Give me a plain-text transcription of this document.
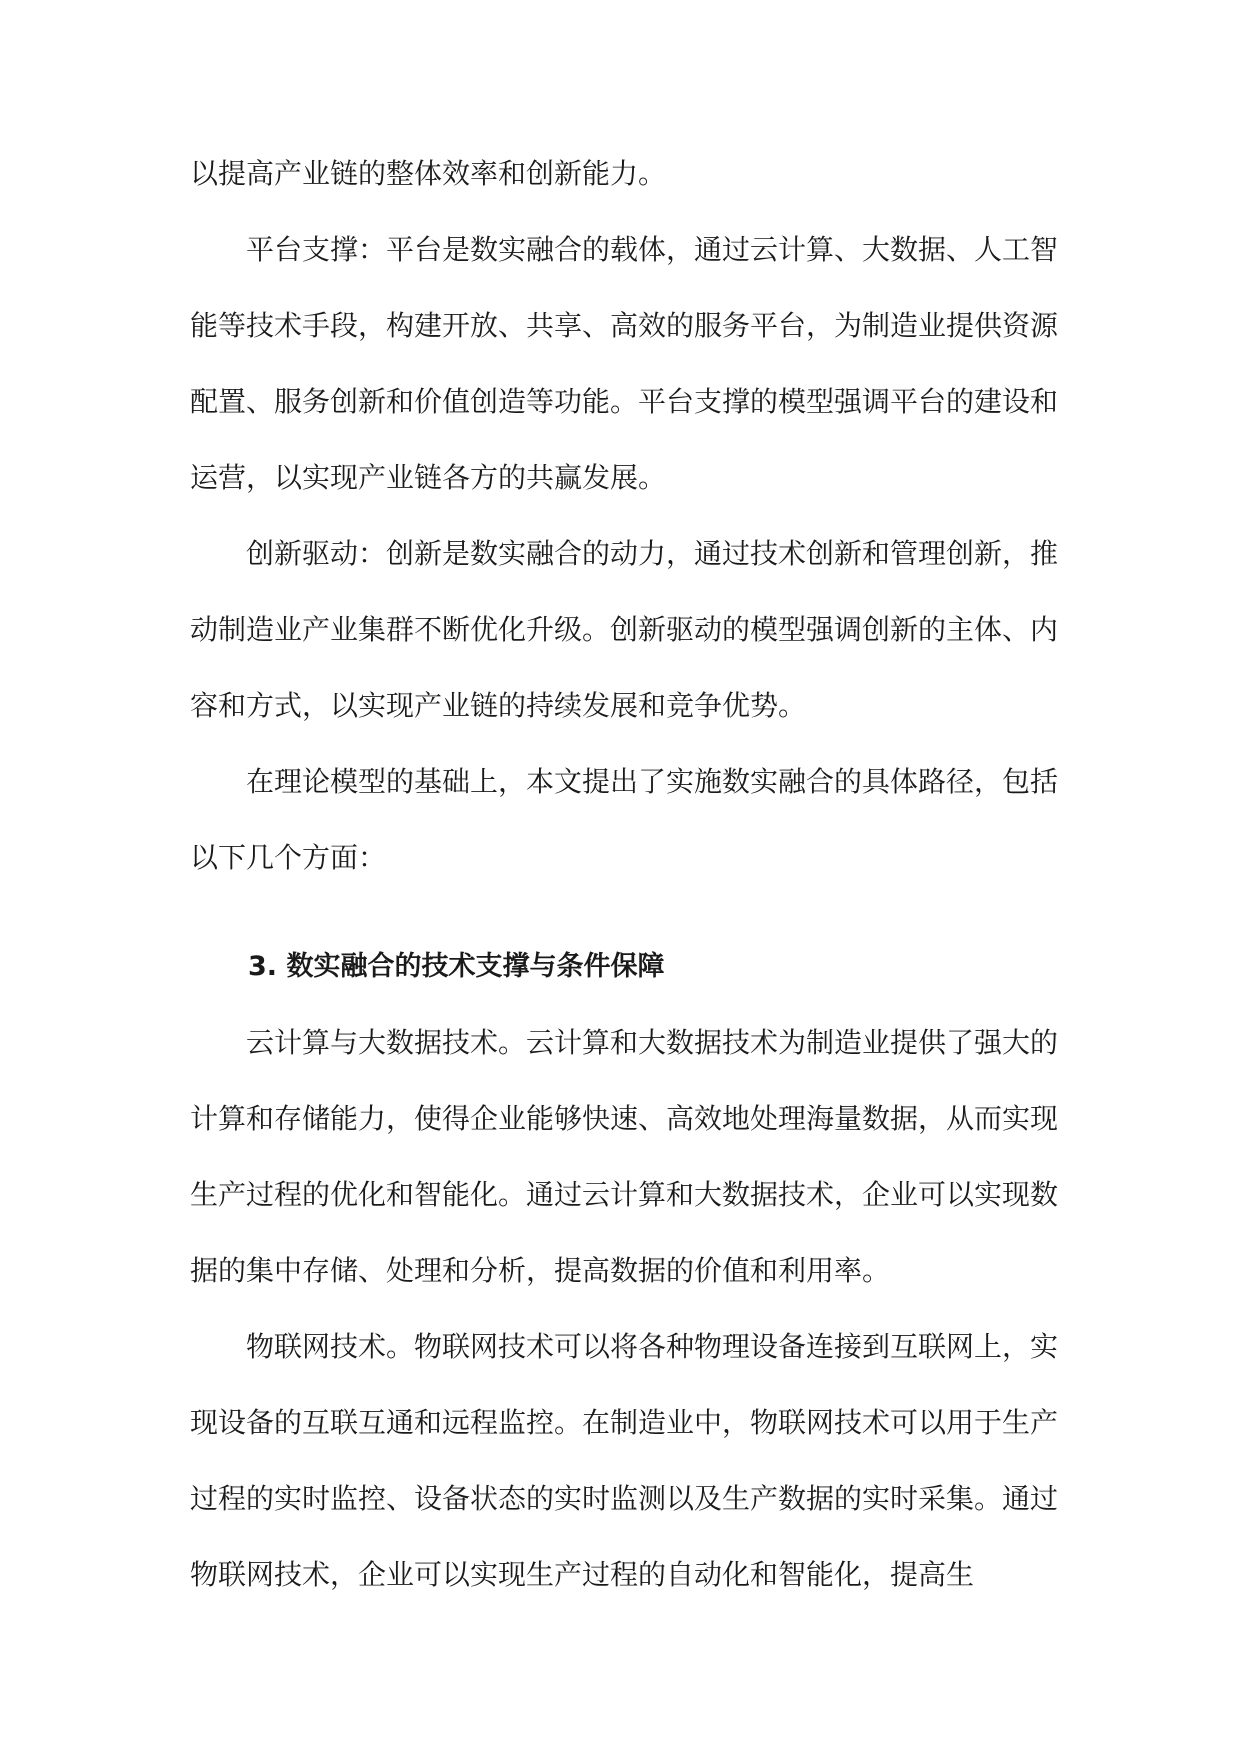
以提高产业链的整体效率和创新能力。

平台支撑：平台是数实融合的载体，通过云计算、大数据、人工智能等技术手段，构建开放、共享、高效的服务平台，为制造业提供资源配置、服务创新和价值创造等功能。平台支撑的模型强调平台的建设和运营，以实现产业链各方的共赢发展。

创新驱动：创新是数实融合的动力，通过技术创新和管理创新，推动制造业产业集群不断优化升级。创新驱动的模型强调创新的主体、内容和方式，以实现产业链的持续发展和竞争优势。

在理论模型的基础上，本文提出了实施数实融合的具体路径，包括以下几个方面：

3. 数实融合的技术支撑与条件保障

云计算与大数据技术。云计算和大数据技术为制造业提供了强大的计算和存储能力，使得企业能够快速、高效地处理海量数据，从而实现生产过程的优化和智能化。通过云计算和大数据技术，企业可以实现数据的集中存储、处理和分析，提高数据的价值和利用率。

物联网技术。物联网技术可以将各种物理设备连接到互联网上，实现设备的互联互通和远程监控。在制造业中，物联网技术可以用于生产过程的实时监控、设备状态的实时监测以及生产数据的实时采集。通过物联网技术，企业可以实现生产过程的自动化和智能化，提高生
